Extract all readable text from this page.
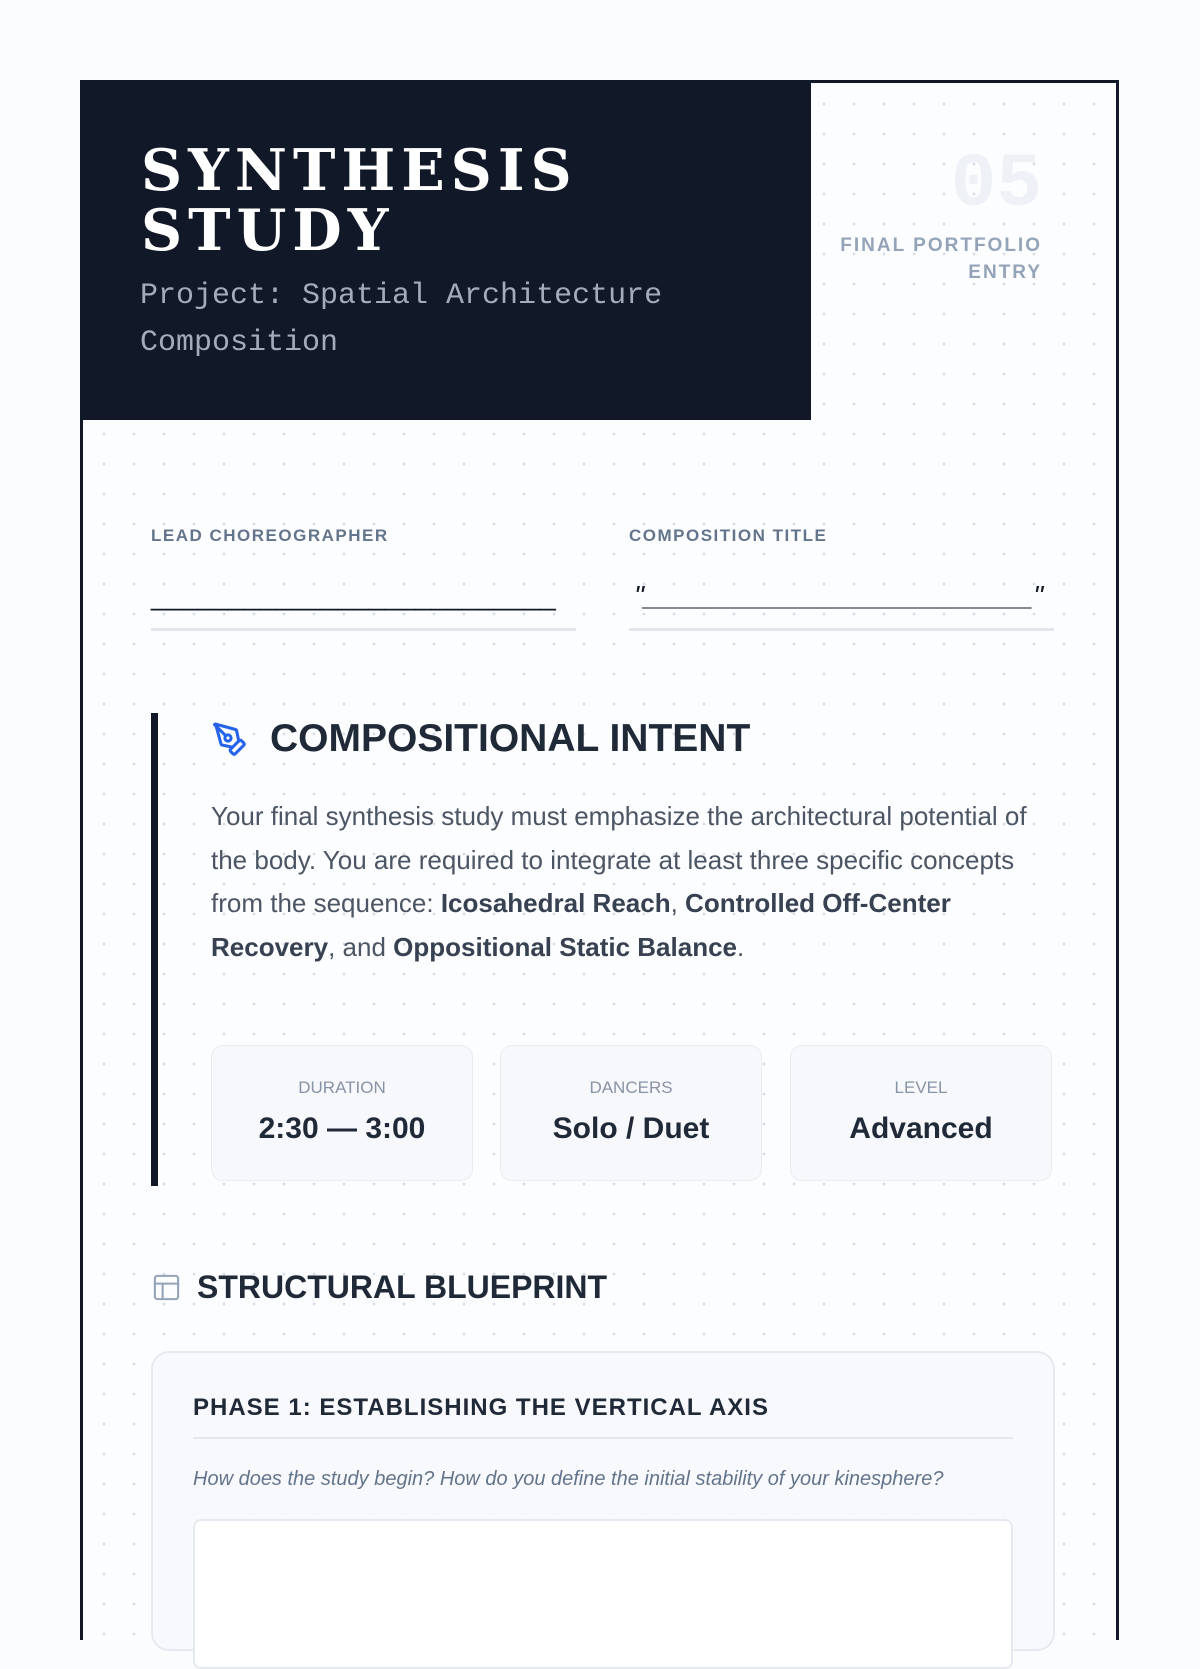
SYNTHESIS
STUDY

Project: Spatial Architecture Composition

05
FINAL PORTFOLIO ENTRY
LEAD CHOREOGRAPHER
__________________________
COMPOSITION TITLE
"_________________________"
COMPOSITIONAL INTENT

Your final synthesis study must emphasize the architectural potential of the body. You are required to integrate at least three specific concepts from the sequence: Icosahedral Reach, Controlled Off-Center Recovery, and Oppositional Static Balance.

DURATION
2:30 — 3:00
DANCERS
Solo / Duet
LEVEL
Advanced
STRUCTURAL BLUEPRINT
PHASE 1: ESTABLISHING THE VERTICAL AXIS

How does the study begin? How do you define the initial stability of your kinesphere?
